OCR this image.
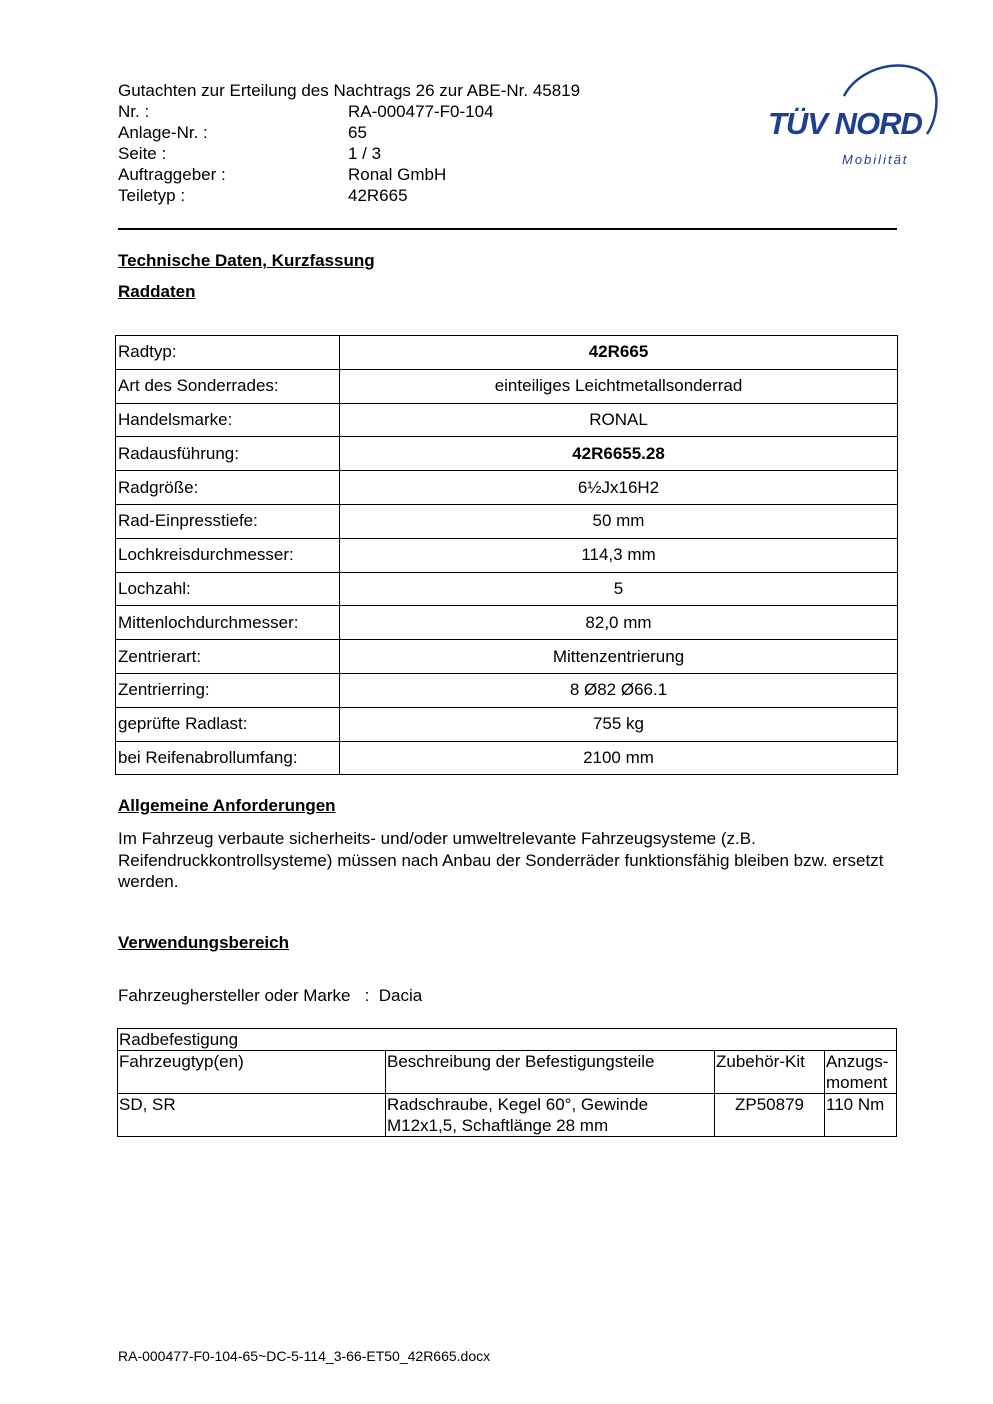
Gutachten zur Erteilung des Nachtrags 26 zur ABE-Nr. 45819
Nr. :	RA-000477-F0-104
Anlage-Nr. :	65
Seite :	1 / 3
Auftraggeber :	Ronal GmbH
Teiletyp :	42R665
TÜV NORD
Mobilität
Technische Daten, Kurzfassung
Raddaten
Radtyp:	42R665
Art des Sonderrades:	einteiliges Leichtmetallsonderrad
Handelsmarke:	RONAL
Radausführung:	42R6655.28
Radgröße:	6½Jx16H2
Rad-Einpresstiefe:	50 mm
Lochkreisdurchmesser:	114,3 mm
Lochzahl:	5
Mittenlochdurchmesser:	82,0 mm
Zentrierart:	Mittenzentrierung
Zentrierring:	8 Ø82 Ø66.1
geprüfte Radlast:	755 kg
bei Reifenabrollumfang:	2100 mm
Allgemeine Anforderungen
Im Fahrzeug verbaute sicherheits- und/oder umweltrelevante Fahrzeugsysteme (z.B. Reifendruckkontrollsysteme) müssen nach Anbau der Sonderräder funktionsfähig bleiben bzw. ersetzt werden.
Verwendungsbereich
Fahrzeughersteller oder Marke   :  Dacia
Radbefestigung			
Fahrzeugtyp(en)	Beschreibung der Befestigungsteile	Zubehör-Kit	Anzugs-
moment
SD, SR	Radschraube, Kegel 60°, Gewinde M12x1,5, Schaftlänge 28 mm	ZP50879	110 Nm
RA-000477-F0-104-65~DC-5-114_3-66-ET50_42R665.docx
